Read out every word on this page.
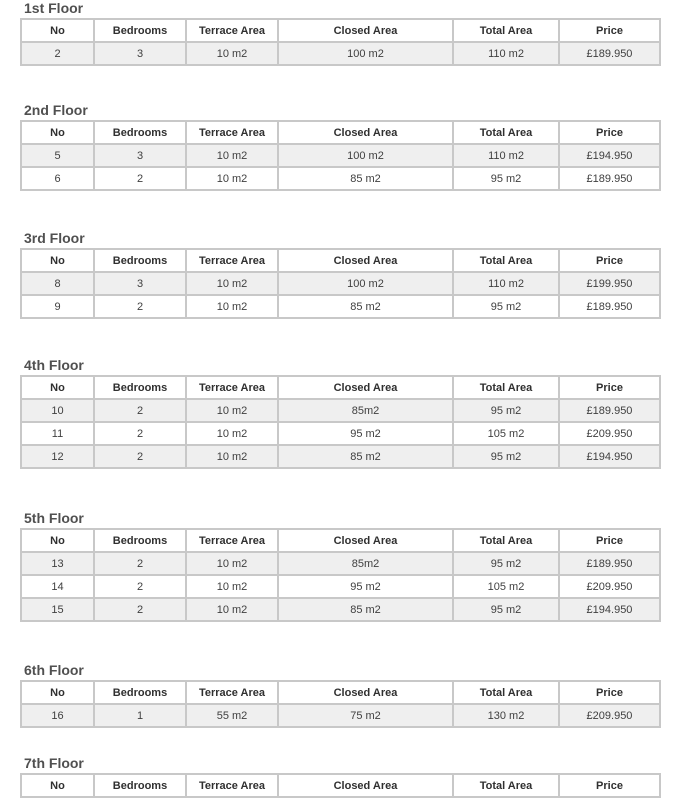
1st Floor
No	Bedrooms	Terrace Area	Closed Area	Total Area	Price
2	3	10 m2	100 m2	110 m2	£189.950
2nd Floor
No	Bedrooms	Terrace Area	Closed Area	Total Area	Price
5	3	10 m2	100 m2	110 m2	£194.950
6	2	10 m2	85 m2	95 m2	£189.950
3rd Floor
No	Bedrooms	Terrace Area	Closed Area	Total Area	Price
8	3	10 m2	100 m2	110 m2	£199.950
9	2	10 m2	85 m2	95 m2	£189.950
4th Floor
No	Bedrooms	Terrace Area	Closed Area	Total Area	Price
10	2	10 m2	85m2	95 m2	£189.950
11	2	10 m2	95 m2	105 m2	£209.950
12	2	10 m2	85 m2	95 m2	£194.950
5th Floor
No	Bedrooms	Terrace Area	Closed Area	Total Area	Price
13	2	10 m2	85m2	95 m2	£189.950
14	2	10 m2	95 m2	105 m2	£209.950
15	2	10 m2	85 m2	95 m2	£194.950
6th Floor
No	Bedrooms	Terrace Area	Closed Area	Total Area	Price
16	1	55 m2	75 m2	130 m2	£209.950
7th Floor
No	Bedrooms	Terrace Area	Closed Area	Total Area	Price
